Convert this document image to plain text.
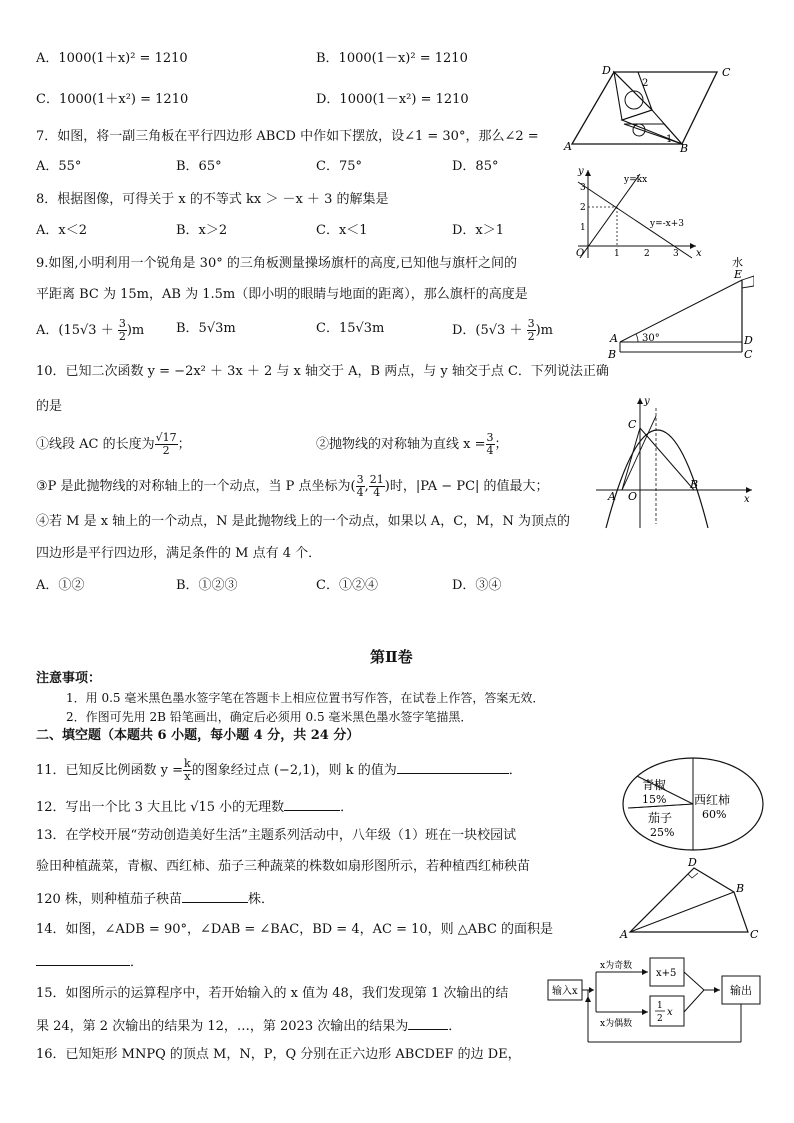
A．1000(1＋x)² = 1210	B．1000(1－x)² = 1210
C．1000(1＋x²) = 1210	D．1000(1－x²) = 1210
D	C
A	B
2
1
7．如图，将一副三角板在平行四边形 ABCD 中作如下摆放，设∠1 = 30°，那么∠2 =
A．55°	B．65°	C．75°	D．85°	y
x
O
y=kx
y=-x+3
3
2
1
1	2	3
8．根据图像，可得关于 x 的不等式 kx ＞ －x ＋ 3 的解集是
A．x＜2	B．x＞2	C．x＜1	D．x＞1
9.如图,小明利用一个锐角是 30° 的三角板测量操场旗杆的高度,已知他与旗杆之间的
平距离 BC 为 15m，AB 为 1.5m（即小明的眼睛与地面的距离），那么旗杆的高度是
A．$(15√3 + \frac{3}{2} )m$ B．5√3m	C．15√3m	D．$(5√3 + \frac{3}{2} )m$
水
E
A	D
B	C
30°
10．已知二次函数 y = −2x² ＋ 3x ＋ 2 与 x 轴交于 A，B 两点，与 y 轴交于点 C．下列说法正确
的是
①线段 AC 的长度为 $\frac{√17}{2}$ ；	②抛物线的对称轴为直线 $x = \frac{3}{4}$ ；
③P 是此抛物线的对称轴上的一个动点，当 P 点坐标为( $\frac{3}{4}$ , $\frac{21}{4}$ )时，|PA − PC| 的值最大；
④若 M 是 x 轴上的一个动点，N 是此抛物线上的一个动点，如果以 A，C，M，N 为顶点的
四边形是平行四边形，满足条件的 M 点有 4 个．
A．①②	B．①②③	C．①②④	D．③④
y
x
C
A O
B
第Ⅱ卷
注意事项：
1．用 0.5 毫米黑色墨水签字笔在答题卡上相应位置书写作答，在试卷上作答，答案无效．
2．作图可先用 2B 铅笔画出，确定后必须用 0.5 毫米黑色墨水签字笔描黑．
二、填空题（本题共 6 小题，每小题 4 分，共 24 分）
11．已知反比例函数 $y = \frac{k}{x}$ 的图象经过点 (−2,1)，则 k 的值为	．
12．写出一个比 3 大且比 √15 小的无理数	．
青椒
15% 西红柿
60%
茄子
25%
13．在学校开展“劳动创造美好生活”主题系列活动中，八年级（1）班在一块校园试
验田种植蔬菜，青椒、西红柿、茄子三种蔬菜的株数如扇形图所示，若种植西红柿秧苗
120 株，则种植茄子秧苗	株．
D
B
A	C
14．如图，∠ADB = 90°，∠DAB = ∠BAC，BD = 4，AC = 10，则 △ABC 的面积是
．
输入x
x为奇数
x为偶数
x+5
1
2
x
输出
15．如图所示的运算程序中，若开始输入的 x 值为 48，我们发现第 1 次输出的结
果 24，第 2 次输出的结果为 12，…，第 2023 次输出的结果为	．
16．已知矩形 MNPQ 的顶点 M，N，P，Q 分别在正六边形 ABCDEF 的边 DE，
